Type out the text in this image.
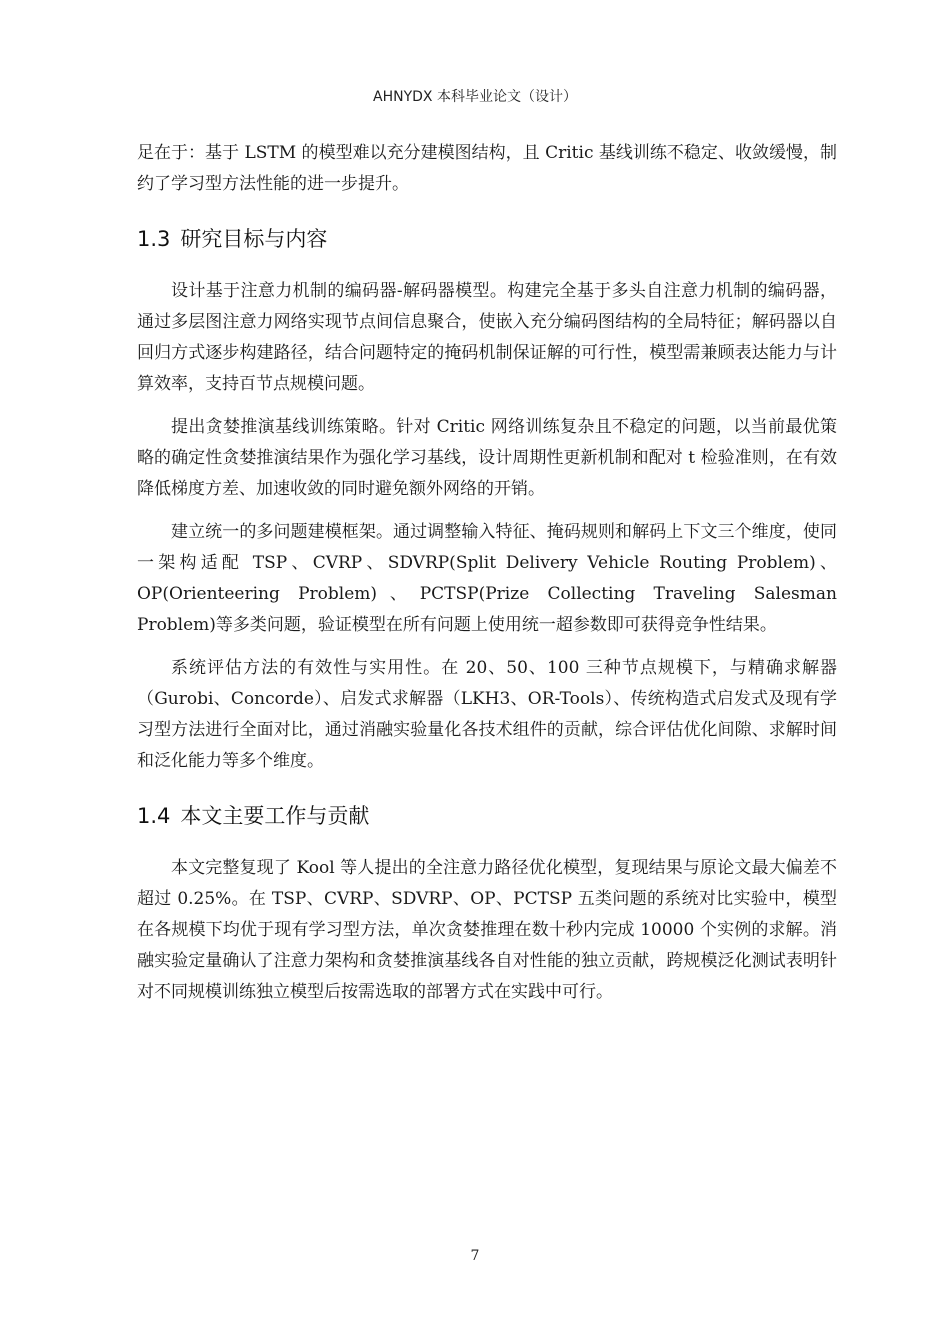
AHNYDX 本科毕业论文（设计）

足在于：基于 LSTM 的模型难以充分建模图结构，且 Critic 基线训练不稳定、收敛缓慢，制约了学习型方法性能的进一步提升。

1.3 研究目标与内容

设计基于注意力机制的编码器-解码器模型。构建完全基于多头自注意力机制的编码器，通过多层图注意力网络实现节点间信息聚合，使嵌入充分编码图结构的全局特征；解码器以自回归方式逐步构建路径，结合问题特定的掩码机制保证解的可行性，模型需兼顾表达能力与计算效率，支持百节点规模问题。

提出贪婪推演基线训练策略。针对 Critic 网络训练复杂且不稳定的问题，以当前最优策略的确定性贪婪推演结果作为强化学习基线，设计周期性更新机制和配对 t 检验准则，在有效降低梯度方差、加速收敛的同时避免额外网络的开销。

建立统一的多问题建模框架。通过调整输入特征、掩码规则和解码上下文三个维度，使同一架构适配 TSP、CVRP、SDVRP(Split Delivery Vehicle Routing Problem)、OP(Orienteering Problem)、PCTSP(Prize Collecting Traveling Salesman Problem)等多类问题，验证模型在所有问题上使用统一超参数即可获得竞争性结果。

系统评估方法的有效性与实用性。在 20、50、100 三种节点规模下，与精确求解器（Gurobi、Concorde）、启发式求解器（LKH3、OR-Tools）、传统构造式启发式及现有学习型方法进行全面对比，通过消融实验量化各技术组件的贡献，综合评估优化间隙、求解时间和泛化能力等多个维度。

1.4 本文主要工作与贡献

本文完整复现了 Kool 等人提出的全注意力路径优化模型，复现结果与原论文最大偏差不超过 0.25%。在 TSP、CVRP、SDVRP、OP、PCTSP 五类问题的系统对比实验中，模型在各规模下均优于现有学习型方法，单次贪婪推理在数十秒内完成 10000 个实例的求解。消融实验定量确认了注意力架构和贪婪推演基线各自对性能的独立贡献，跨规模泛化测试表明针对不同规模训练独立模型后按需选取的部署方式在实践中可行。

7
